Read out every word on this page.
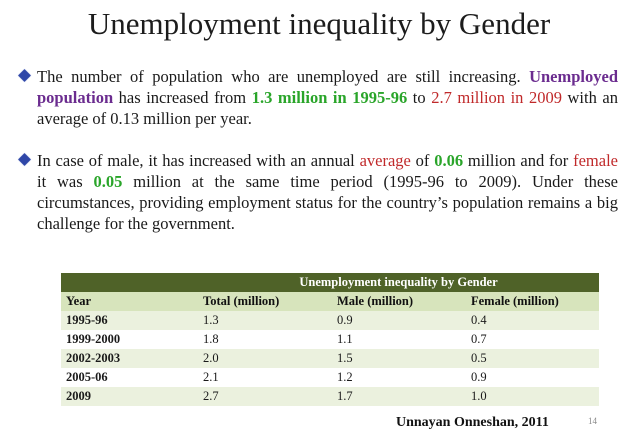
Unemployment inequality by Gender
The number of population who are unemployed are still increasing. Unemployed population has increased from 1.3 million in 1995-96 to 2.7 million in 2009 with an average of 0.13 million per year.
In case of male, it has increased with an annual average of 0.06 million and for female it was 0.05 million at the same time period (1995-96 to 2009). Under these circumstances, providing employment status for the country’s population remains a big challenge for the government.
	Unemployment inequality by Gender		
Year	Total (million)	Male (million)	Female (million)
1995-96	1.3	0.9	0.4
1999-2000	1.8	1.1	0.7
2002-2003	2.0	1.5	0.5
2005-06	2.1	1.2	0.9
2009	2.7	1.7	1.0
Unnayan Onneshan, 2011	14
